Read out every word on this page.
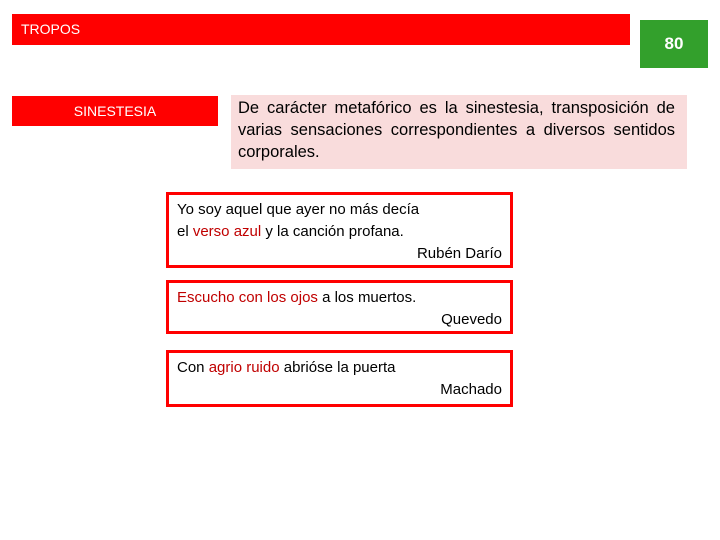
TROPOS
80
SINESTESIA	De carácter metafórico es la sinestesia, transposición de varias sensaciones correspondientes a diversos sentidos corporales.
Yo soy aquel que ayer no más decía
el verso azul y la canción profana.
Rubén Darío
Escucho con los ojos a los muertos.
Quevedo
Con agrio ruido abrióse la puerta
Machado
